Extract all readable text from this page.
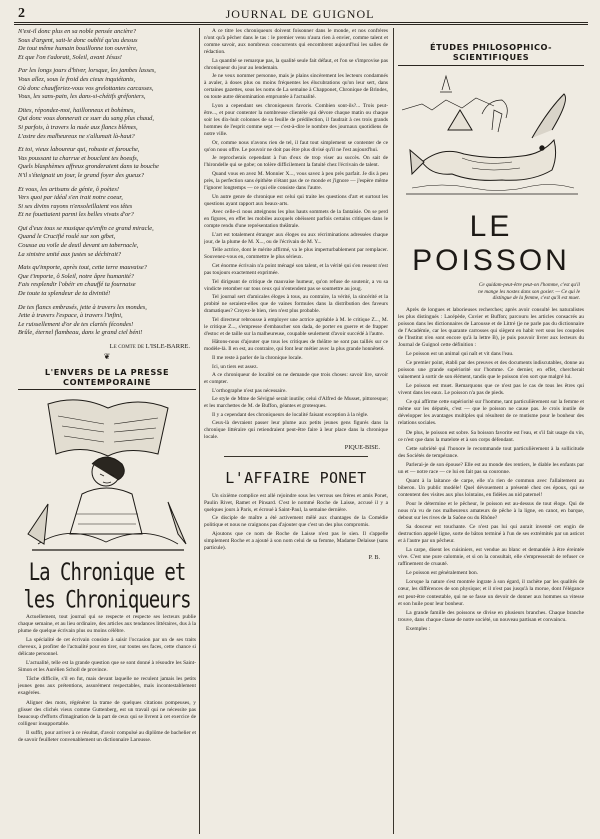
2	JOURNAL DE GUIGNOL

N'est-il donc plus en sa noble pensée ancière?

Sous d'argent, sait-le donc oublié qu'au dessus

De tout même humain bouillonne ton ouvrière,

Et que l'on t'adorait, Soleil, avant Jésus!

Par les longs jours d'hiver, lorsque, les jambes lasses,

Vous allez, sous le froid des cieux inquiétants,

Où donc chaufferiez-vous vos grelottantes carcasses,

Vous, les sans-pain, les dans-si-chétifs gréfoniers,

Dites, répondez-moi, haillonneux et bohèmes,

Qui donc vous donnerait ce suer du sang plus chaud,

Si parfois, à travers la nuée aux flancs blêmes,

L'astre des malheureux ne s'allumait là-haut?

Et toi, vieux laboureur qui, robuste et farouche,

Vas poussant ta charrue et bouclant tes boeufs,

Quels blasphèmes affreux gronderaient dans ta bouche

N'il s'éteignait un jour, le grand foyer des gueux?

Et vous, les artisans de génie, ô poètes!

Vers quoi par idéal s'en irait notre coeur,

Si ses divins rayons n'ensoleillaient vos têtes

Et ne fouettaient parmi les belles vivats d'or?

Qui d'eux tous se musique qu'enfin ce grand miracle,

Quand le Crucifié roulé sur son gibet,

Cousue au voile de deuil devant un tabernacle,

La sinistre unité aux justes se déchirait?

Mais qu'importe, après tout, cette terre mauvaise?

Que t'importe, ô Soleil, notre âpre humanité?

Fais resplendir l'obéir en chauffé ta fournaise

De toute ta splendeur de ta divinité!

De tes flancs embrasés, jette à travers les mondes,

Jette à travers l'espace, à travers l'infini,

Le ruissellement d'or de tes clartés fécondes!

Brûle, éternel flambeau, dans le grand ciel béni!

Le comte de L'ISLE-BARRE.
❦
L'ENVERS DE LA PRESSE CONTEMPORAINE
La Chronique et les Chroniqueurs

Actuellement, tout journal qui se respecte et respecte ses lecteurs publie chaque semaine, et au lieu ordinaire, des articles aux tendances littéraires, dus à la plume de quelque écrivain plus ou moins célèbre.

La spécialité de cet écrivain consiste à saisir l'occasion par un de ses traits cheveux, à profiter de l'actualité pour en tirer, sur toutes ses faces, cette chance si délicate personnel.

L'actualité, telle est la grande question que se sont donné à résoudre les Saint-Simon et les Aurélien Scholl de province.

Tâche difficile, s'il en fut, mais devant laquelle ne reculent jamais les petits jeunes gens aux prétentions, assurément respectables, mais incontestablement exagérées.

Aligner des mots, régénérer la trame de quelques citations pompeuses, y glisser des clichés vieux comme Guttenberg, est un travail qui ne nécessite pas beaucoup d'efforts d'imagination de la part de ceux qui se livrent à cet exercice de colligeur insupportable.

Il suffit, pour arriver à ce résultat, d'avoir compulsé au diplôme de bachelier et de savoir feuilleter convenablement un dictionnaire Larousse.

A ce titre les chroniqueurs doivent foisonner dans le monde, et nos confrères n'ont qu'à pêcher dans le tas : le premier venu n'aura rien à envier, comme talent et comme savoir, aux nombreux concurrents qui encombrent aujourd'hui les salles de rédaction.

La quantité se remarque pas, la qualité seule fait défaut, et l'on se s'improvise pas chroniqueur du jour au lendemain.

Je ne veux nommer personne, mais je plains sincèrement les lecteurs condamnés à avaler, à doses plus ou moins fréquentes les élucubrations qu'on leur sert, dans certaines gazettes, sous les noms de La semaine à Chapponet, Chronique de Brindes, ou toute autre dénomination empruntée à l'actualité.

Lyon a cependant ses chroniqueurs favoris. Combien sont-ils?... Trois peut-être..., et pour contenter la nombreuse clientèle qui dévore chaque matin ou chaque soir les dix-huit colonnes de sa feuille de prédilection, il faudrait à ces trois grands hommes de l'esprit comme sept — c'est-à-dire le nombre des journaux quotidiens de notre ville.

Or, comme nous n'avons rien de tel, il faut tout simplement se contenter de ce qu'on nous offre. Le pouvoir ne doit pas être plus divisé qu'il ne l'est aujourd'hui.

Je reprocherais cependant à l'un d'eux de trop viser au succès. On sait de l'hirondelle qui se gobe; on tolère difficilement la fatuité chez l'écrivain de talent.

Quand vous en avez M. Monnier X..., vous savez à peu près parfait. Je dis à peu près, la perfection sans épithète n'étant pas de ce monde et j'ignore — j'espère même l'ignorer longtemps — ce qui elle consiste dans l'autre.

Un autre genre de chronique est celui qui traite les questions d'art et surtout les questions ayant rapport aux beaux-arts.

Avec celle-ci nous atteignons les plus hauts sommets de la fantaisie. On se perd en figures, en effet les mobiles auxquels obéissent parfois certains critiques dans le compte rendu d'une représentation théâtrale.

L'art est totalement étranger aux éloges ou aux récriminations adressées chaque jour, de la plume de M. X..., ou de l'écrivain de M. Y...

Telle actrice, dont le mérite affirmé, va le plus imperturbablement par remplacer. Souvenez-vous en, commettre le plus sérieux.

Cet énorme écrivain n'a point ménagé son talent, et la vérité qui s'en ressent n'est pas toujours exactement exprimée.

Tel dirigeant de critique de mauvaise humeur, qu'on refuse de soutenir, a vu sa vindicte retomber sur tous ceux qui n'entendent pas se soumettre au joug.

Tel journal sert d'amicales éloges à tous, au contraire, la vérité, la sincérité et la probité ne seraient-elles que de vaines formules dans la distribution des faveurs dramatiques? Croyez-le bien, rien n'est plus probable.

Tel directeur rebrousse à employer une actrice agréable à M. le critique Z..., M. le critique Z..., s'empresse d'embaucher son dada, de porter en guerre et de frapper d'estoc et de taille sur la malheureuse, coupable seulement d'avoir succédé à l'autre.

Hâtons-nous d'ajouter que tous les critiques de théâtre ne sont pas taillés sur ce modèle-là. Il en est, au contraire, qui font leur métier avec la plus grande honnêteté.

Il me reste à parler de la chronique locale.

Ici, un tiers est assez.

A ce chroniqueur de localité on ne demande que trois choses: savoir lire, savoir et compter.

L'orthographe n'est pas nécessaire.

Le style de Mme de Sévigné serait inutile; celui d'Alfred de Musset, pittoresque; et les marchettes de M. de Buffon, géantes et grotesques.

Il y a cependant des chroniqueurs de localité faisant exception à la règle.

Ceux-là devraient passer leur plume aux petits jeunes gens figurés dans la chronique littéraire qui retiendraient peut-être faire à leur place dans la chronique locale.

PIQUE-BISE.
L'AFFAIRE PONET

Un sixième complice est allé rejoindre sous les verrous ses frères et amis Ponet, Paulin Rivet, Ramet et Pinsard. C'est le nommé Roche de Laisse, accusé il y a quelques jours à Paris, et écroué à Saint-Paul, la semaine dernière.

Ce disciple de maître a été activement mêlé aux chantages de la Comédie politique et nous ne craignons pas d'ajouter que c'est un des plus compromis.

Ajoutons que ce nom de Roche de Laisse n'est pas le sien. Il s'appelle simplement Roche et a ajouté à son nom celui de sa femme, Madame Delaisse (sans particule).

P. B.
ÉTUDES PHILOSOPHICO-SCIENTIFIQUES
LE POISSON
Ce quidam-peut-être peut-on l'homme, c'est qu'il ne mange les nostes dans son gosier. — Ce qui le distingue de la femme, c'est qu'il est muet.

Après de longues et laborieuses recherches; après avoir consulté les naturalistes les plus distingués : Lacépède, Cuvier et Buffon; parcouru les articles consacrés au poisson dans les dictionnaires de Larousse et de Littré (je ne parle pas du dictionnaire de l'Académie, car les quarante carrosses qui siègent en habit vert sous les coupoles de l'Institut n'en sont encore qu'à la lettre B), je puis pouvoir livrer aux lecteurs du Journal de Guignol cette définition :

Le poisson est un animal qui naît et vit dans l'eau.

Ce premier point, établi par des preuves et des documents indiscutables, donne au poisson une grande supériorité sur l'homme. Ce dernier, en effet, chercherait vainement à sortir de son élément, tandis que le poisson n'en sort que malgré lui.

Le poisson est muet. Remarquons que ce n'est pas le cas de tous les êtres qui vivent dans les eaux. Le poisson n'a pas de pieds.

Ce qui affirme cette supériorité sur l'homme, tant particulièrement sur la femme et même sur les députés, c'est — que le poisson ne cause pas. Je crois inutile de développer les avantages multiples qui résultent de ce mutisme pour le bonheur des relations sociales.

De plus, le poisson est sobre. Sa boisson favorite est l'eau, et s'il fait usage du vin, ce n'est que dans la matelote et à son corps défendant.

Cette sobriété qui l'honore le recommande tout particulièrement à la sollicitude des Sociétés de tempérance.

Parlerai-je de son épouse? Elle est au monde des rentiers, le diable les enfants par un et — notre race — ce lui en fait pas sa couronne.

Quant à la laitance de carpe, elle n'a rien de commun avec l'allaitement au biberon. Un public modèle! Quel dévouement a présenté chez ces époux, qui se contentent des visites aux plus lointains, en fidèles au nid paternel!

Pour le détermine et le pêcheur, le poisson est au-dessus de tout éloge. Qui de nous n'a vu de nos malheureux amateurs de pêche à la ligne, en canot, en barque, debout sur les rives de la Saône ou du Rhône?

Sa douceur est touchante. Ce n'est pas lui qui aurait inventé cet engin de destruction appelé ligne, sorte de bâton terminé à l'un de ses extrémités par un asticot et à l'autre par un pêcheur.

La carpe, disent les cuisiniers, est vendue au blanc et demandée à être éreintée vive. C'est une pure calomnie, et si on la consultait, elle s'empresserait de refuser ce raffinement de cruauté.

Le poisson est généralement bon.

Lorsque la nature s'est montrée ingrate à son égard, il rachète par les qualités de cœur, les différences de son physique; et il n'est pas jusqu'à la morue, dont l'élégance est peut-être contestable, qui ne se fasse un devoir de donner aux hommes sa vitesse et son huile pour leur bonheur.

La grande famille des poissons se divise en plusieurs branches. Chaque branche trouve, dans chaque classe de notre société, un nouveau partisan et convaincu.

Exemples :
